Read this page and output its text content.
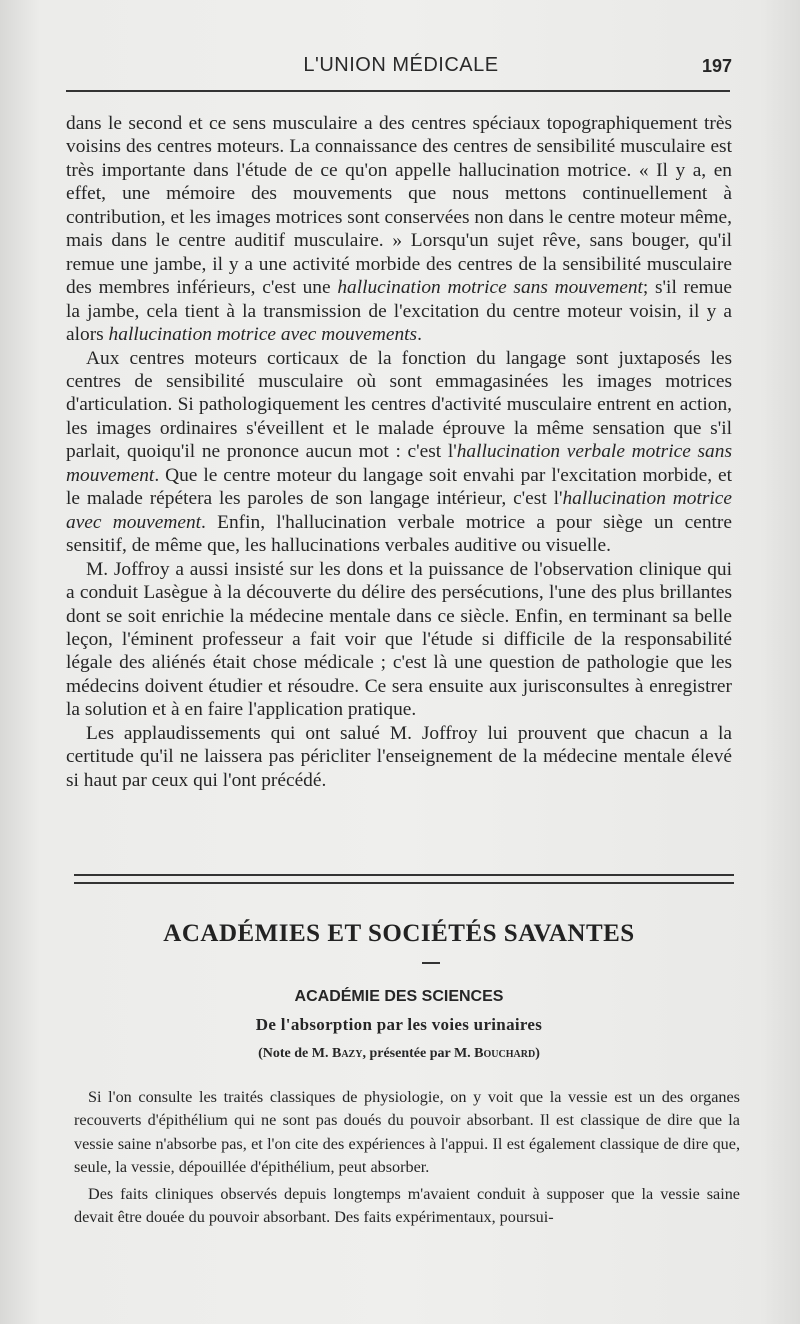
L'UNION MÉDICALE	197

dans le second et ce sens musculaire a des centres spéciaux topographiquement très voisins des centres moteurs. La connaissance des centres de sensibilité musculaire est très importante dans l'étude de ce qu'on appelle hallucination motrice. « Il y a, en effet, une mémoire des mouvements que nous mettons continuellement à contribution, et les images motrices sont conservées non dans le centre moteur même, mais dans le centre auditif musculaire. » Lorsqu'un sujet rêve, sans bouger, qu'il remue une jambe, il y a une activité morbide des centres de la sensibilité musculaire des membres inférieurs, c'est une hallucination motrice sans mouvement; s'il remue la jambe, cela tient à la transmission de l'excitation du centre moteur voisin, il y a alors hallucination motrice avec mouvements.

Aux centres moteurs corticaux de la fonction du langage sont juxtaposés les centres de sensibilité musculaire où sont emmagasinées les images motrices d'articulation. Si pathologiquement les centres d'activité musculaire entrent en action, les images ordinaires s'éveillent et le malade éprouve la même sensation que s'il parlait, quoiqu'il ne prononce aucun mot : c'est l'hallucination verbale motrice sans mouvement. Que le centre moteur du langage soit envahi par l'excitation morbide, et le malade répétera les paroles de son langage intérieur, c'est l'hallucination motrice avec mouvement. Enfin, l'hallucination verbale motrice a pour siège un centre sensitif, de même que, les hallucinations verbales auditive ou visuelle.

M. Joffroy a aussi insisté sur les dons et la puissance de l'observation clinique qui a conduit Lasègue à la découverte du délire des persécutions, l'une des plus brillantes dont se soit enrichie la médecine mentale dans ce siècle. Enfin, en terminant sa belle leçon, l'éminent professeur a fait voir que l'étude si difficile de la responsabilité légale des aliénés était chose médicale ; c'est là une question de pathologie que les médecins doivent étudier et résoudre. Ce sera ensuite aux jurisconsultes à enregistrer la solution et à en faire l'application pratique.

Les applaudissements qui ont salué M. Joffroy lui prouvent que chacun a la certitude qu'il ne laissera pas péricliter l'enseignement de la médecine mentale élevé si haut par ceux qui l'ont précédé.

ACADÉMIES ET SOCIÉTÉS SAVANTES
ACADÉMIE DES SCIENCES
De l'absorption par les voies urinaires
(Note de M. Bazy, présentée par M. Bouchard)

Si l'on consulte les traités classiques de physiologie, on y voit que la vessie est un des organes recouverts d'épithélium qui ne sont pas doués du pouvoir absorbant. Il est classique de dire que la vessie saine n'absorbe pas, et l'on cite des expériences à l'appui. Il est également classique de dire que, seule, la vessie, dépouillée d'épithélium, peut absorber.

Des faits cliniques observés depuis longtemps m'avaient conduit à supposer que la vessie saine devait être douée du pouvoir absorbant. Des faits expérimentaux, poursui-
